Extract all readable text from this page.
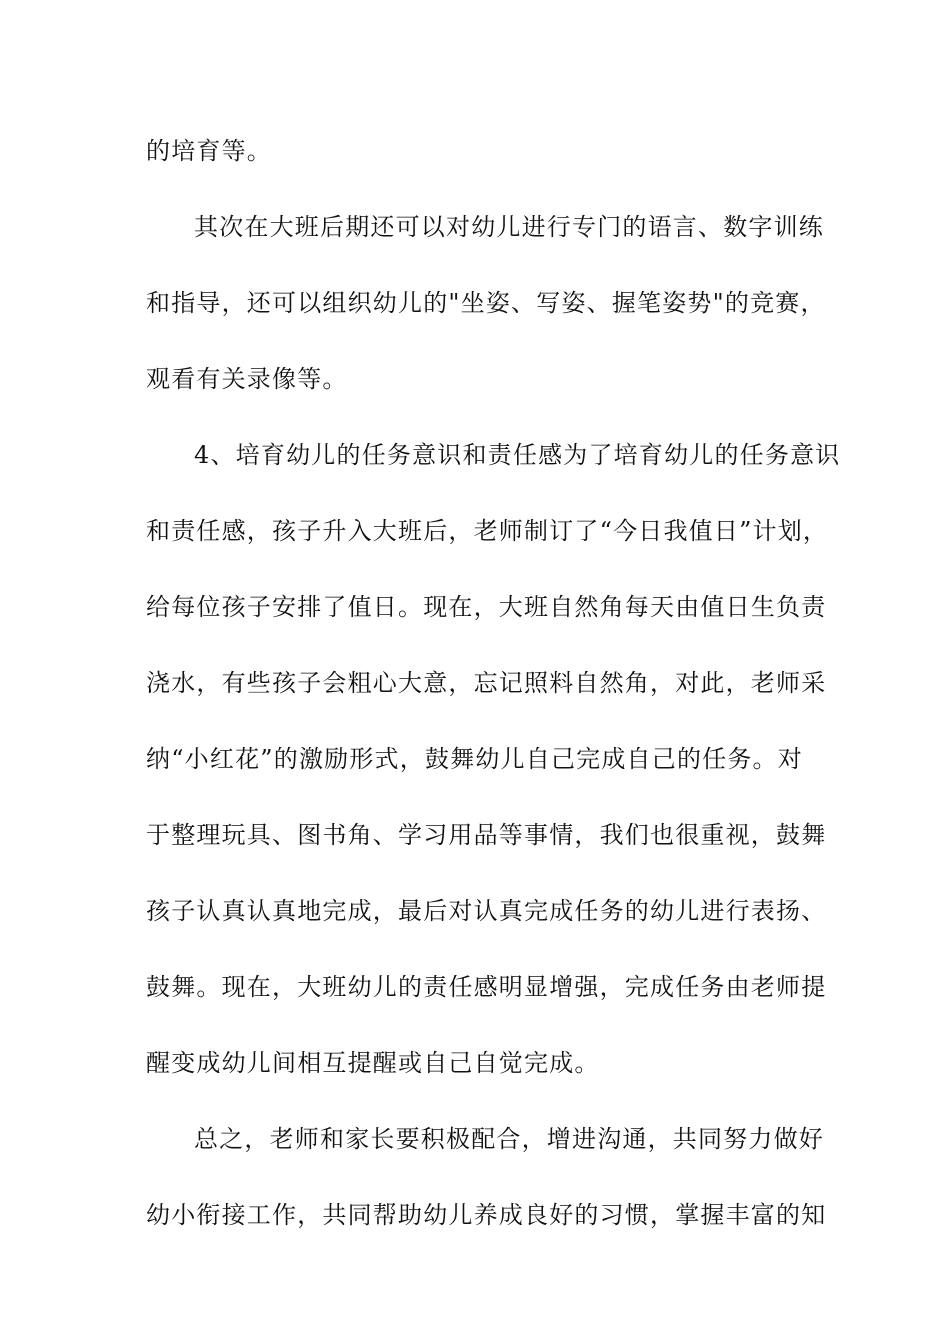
的培育等。
其次在大班后期还可以对幼儿进行专门的语言、数字训练
和指导，还可以组织幼儿的"坐姿、写姿、握笔姿势"的竞赛，
观看有关录像等。
4、培育幼儿的任务意识和责任感为了培育幼儿的任务意识
和责任感，孩子升入大班后，老师制订了“今日我值日”计划，
给每位孩子安排了值日。现在，大班自然角每天由值日生负责
浇水，有些孩子会粗心大意，忘记照料自然角，对此，老师采
纳“小红花”的激励形式，鼓舞幼儿自己完成自己的任务。对
于整理玩具、图书角、学习用品等事情，我们也很重视，鼓舞
孩子认真认真地完成，最后对认真完成任务的幼儿进行表扬、
鼓舞。现在，大班幼儿的责任感明显增强，完成任务由老师提
醒变成幼儿间相互提醒或自己自觉完成。
总之，老师和家长要积极配合，增进沟通，共同努力做好
幼小衔接工作，共同帮助幼儿养成良好的习惯，掌握丰富的知
